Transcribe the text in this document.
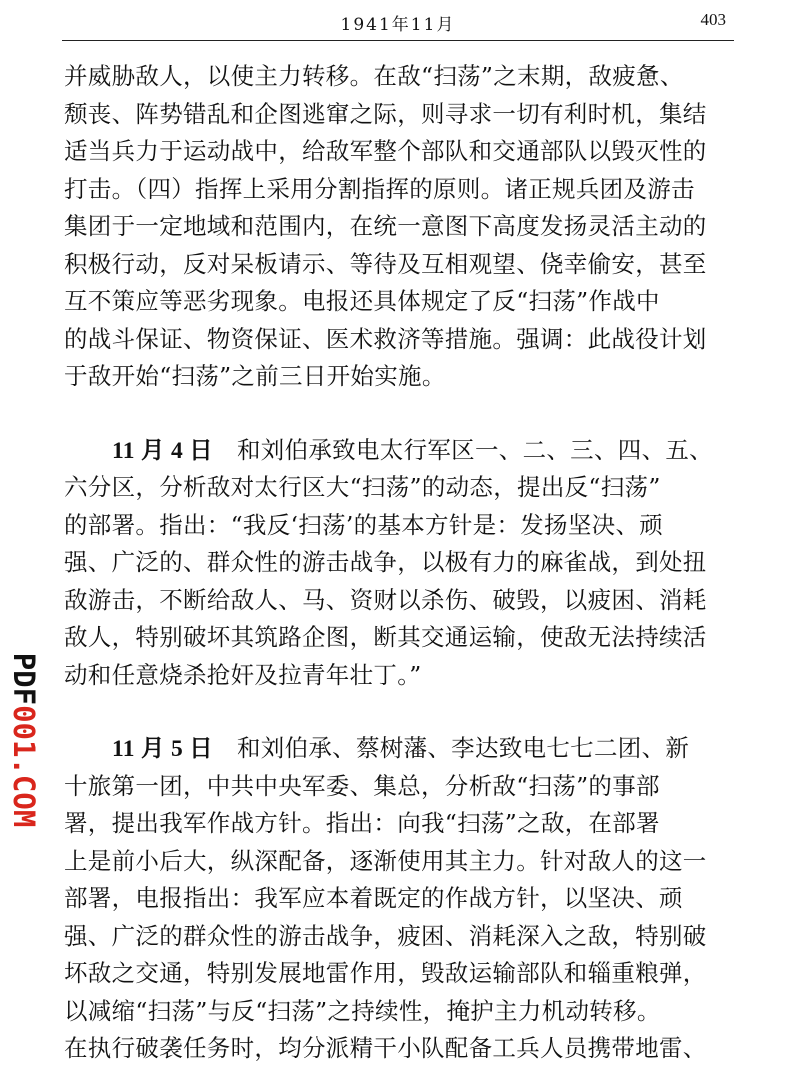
1941年11月	403
并威胁敌人，以使主力转移。在敌“扫荡”之末期，敌疲惫、
颓丧、阵势错乱和企图逃窜之际，则寻求一切有利时机，集结
适当兵力于运动战中，给敌军整个部队和交通部队以毁灭性的
打击。（四）指挥上采用分割指挥的原则。诸正规兵团及游击
集团于一定地域和范围内，在统一意图下高度发扬灵活主动的
积极行动，反对呆板请示、等待及互相观望、侥幸偷安，甚至
互不策应等恶劣现象。电报还具体规定了反“扫荡”作战中
的战斗保证、物资保证、医术救济等措施。强调：此战役计划
于敌开始“扫荡”之前三日开始实施。
11 月 4 日 和刘伯承致电太行军区一、二、三、四、五、
六分区，分析敌对太行区大“扫荡”的动态，提出反“扫荡”
的部署。指出：“我反‘扫荡’的基本方针是：发扬坚决、顽
强、广泛的、群众性的游击战争，以极有力的麻雀战，到处扭
敌游击，不断给敌人、马、资财以杀伤、破毁，以疲困、消耗
敌人，特别破坏其筑路企图，断其交通运输，使敌无法持续活
动和任意烧杀抢奸及拉青年壮丁。”
11 月 5 日 和刘伯承、蔡树藩、李达致电七七二团、新
十旅第一团，中共中央军委、集总，分析敌“扫荡”的事部
署，提出我军作战方针。指出：向我“扫荡”之敌，在部署
上是前小后大，纵深配备，逐渐使用其主力。针对敌人的这一
部署，电报指出：我军应本着既定的作战方针，以坚决、顽
强、广泛的群众性的游击战争，疲困、消耗深入之敌，特别破
坏敌之交通，特别发展地雷作用，毁敌运输部队和辎重粮弹，
以减缩“扫荡”与反“扫荡”之持续性，掩护主力机动转移。
在执行破袭任务时，均分派精干小队配备工兵人员携带地雷、
PDF001.COM
